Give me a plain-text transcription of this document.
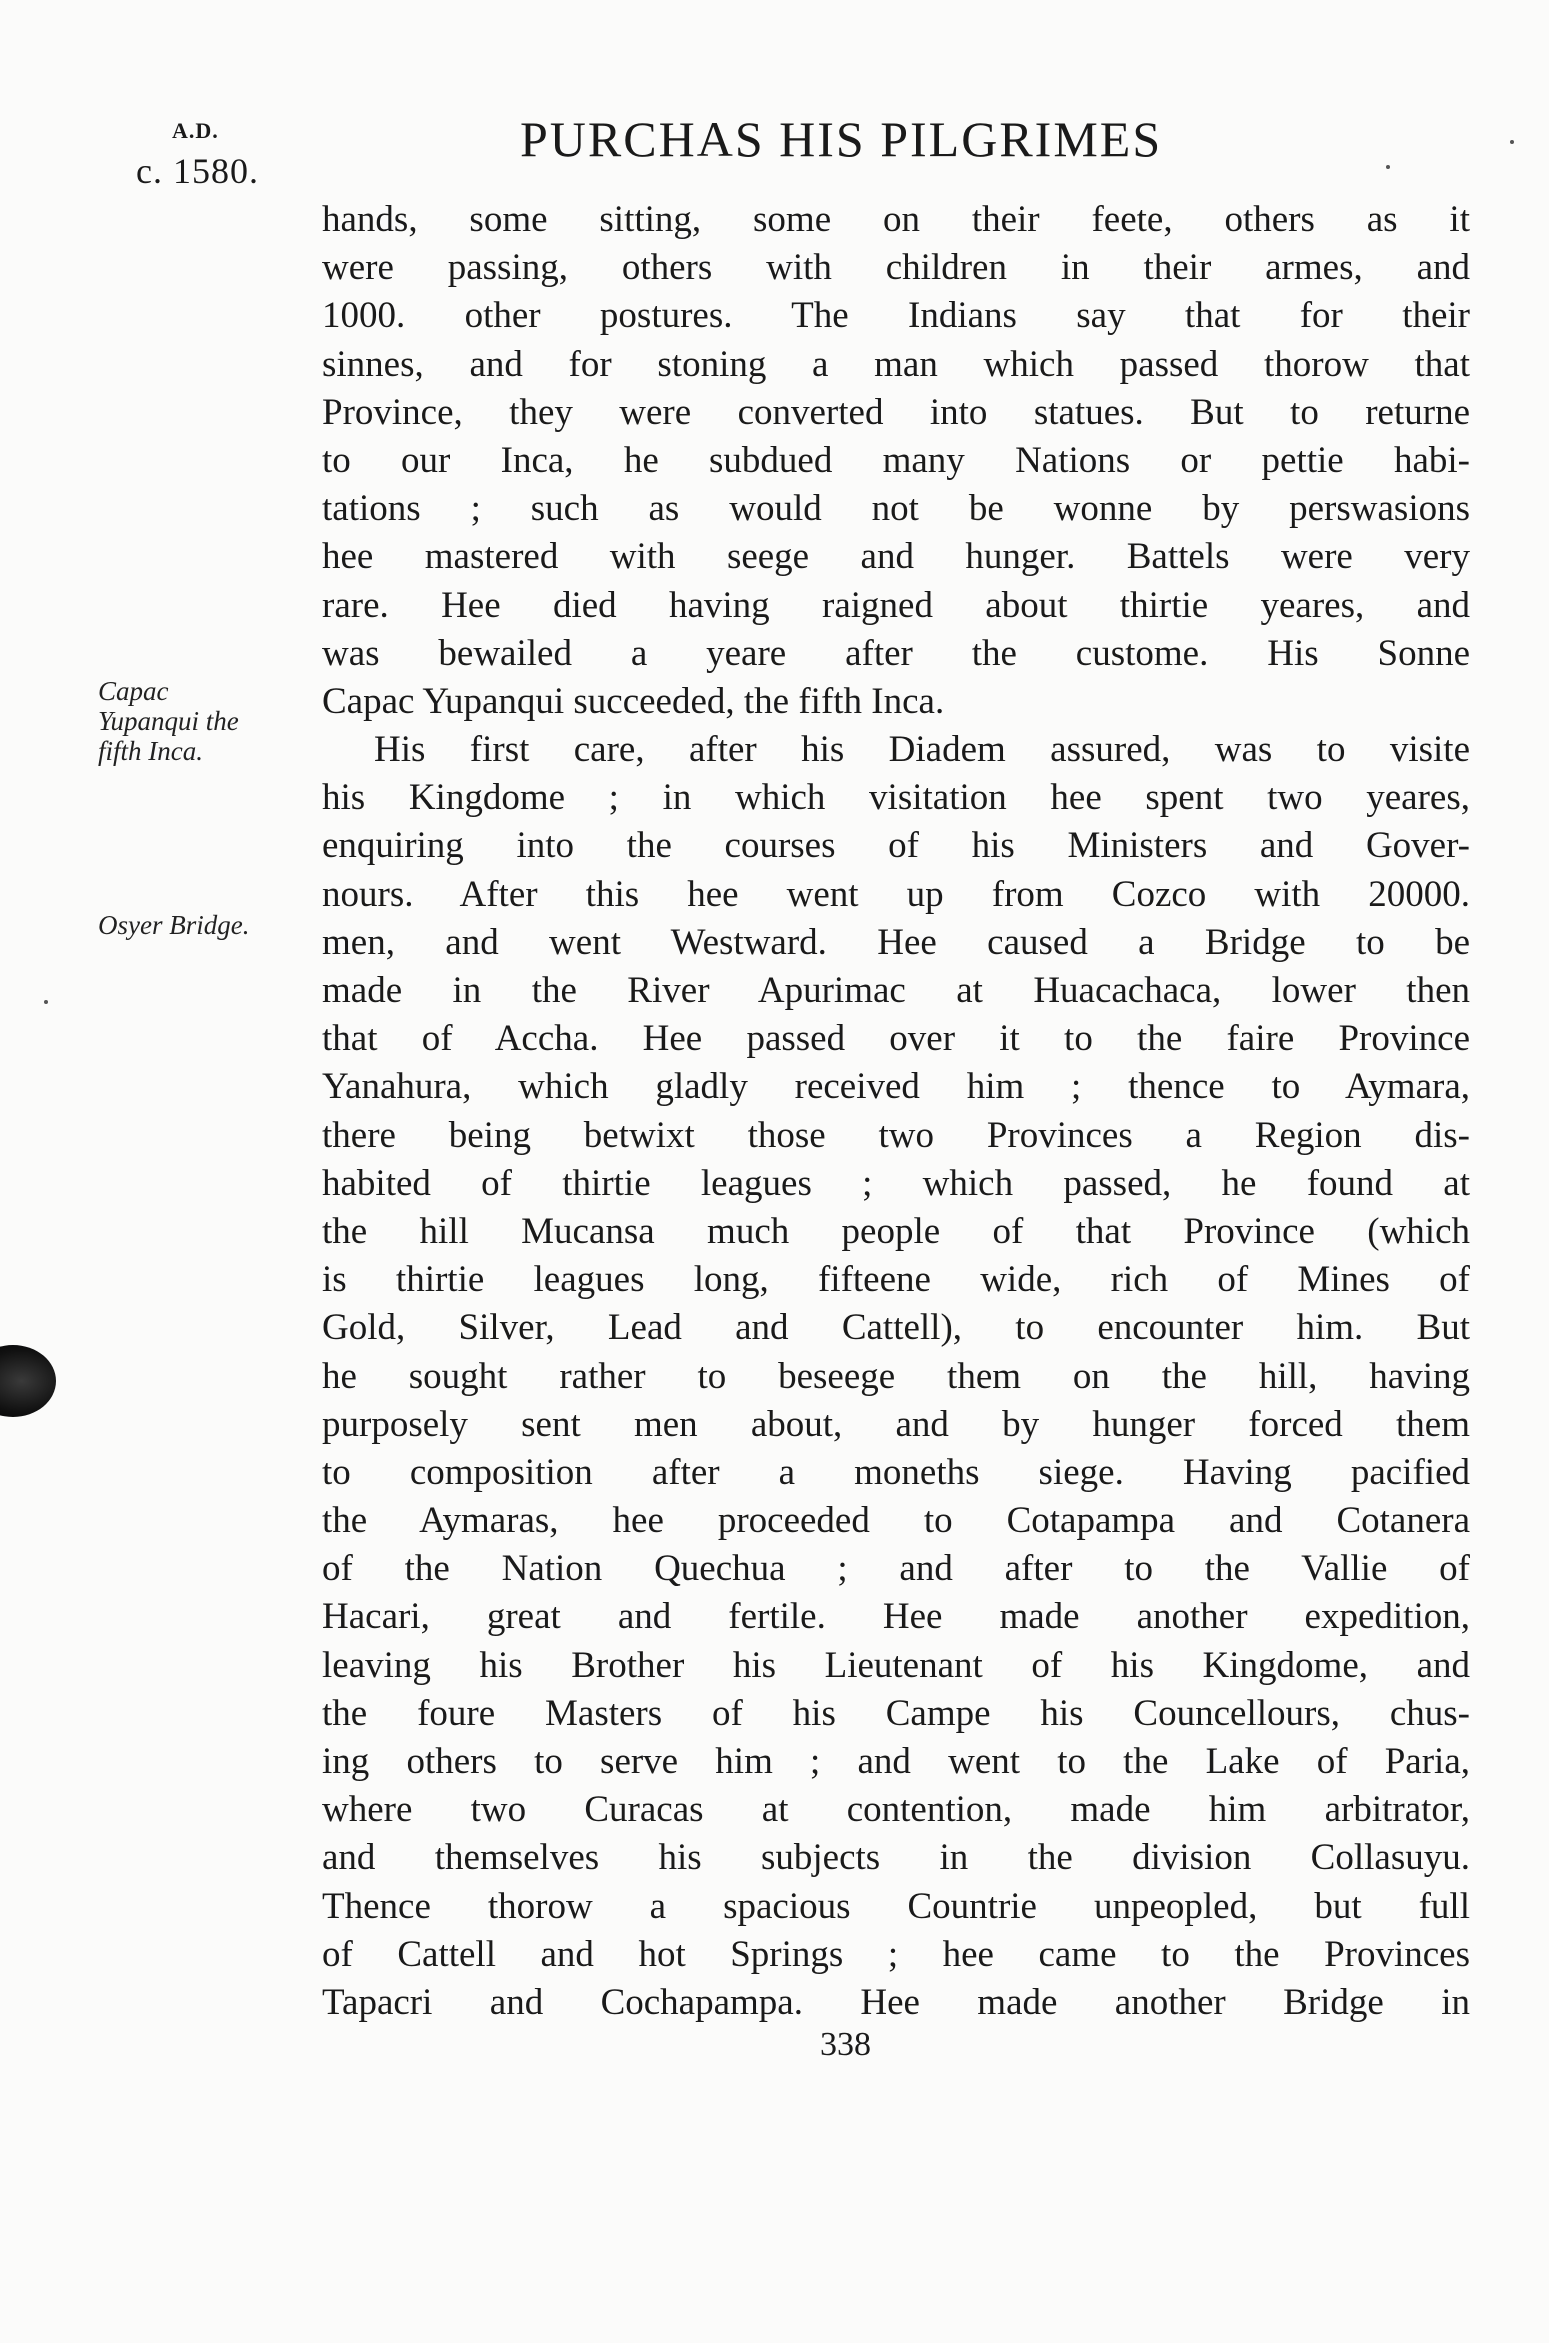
A.D.
c. 1580.
PURCHAS HIS PILGRIMES
Capac
Yupanqui the
fifth Inca.
Osyer Bridge.
hands, some sitting, some on their feete, others as it
were passing, others with children in their armes, and
1000. other postures. The Indians say that for their
sinnes, and for stoning a man which passed thorow that
Province, they were converted into statues. But to returne
to our Inca, he subdued many Nations or pettie habi-
tations ; such as would not be wonne by perswasions
hee mastered with seege and hunger. Battels were very
rare. Hee died having raigned about thirtie yeares, and
was bewailed a yeare after the custome. His Sonne
Capac Yupanqui succeeded, the fifth Inca.
His first care, after his Diadem assured, was to visite
his Kingdome ; in which visitation hee spent two yeares,
enquiring into the courses of his Ministers and Gover-
nours. After this hee went up from Cozco with 20000.
men, and went Westward. Hee caused a Bridge to be
made in the River Apurimac at Huacachaca, lower then
that of Accha. Hee passed over it to the faire Province
Yanahura, which gladly received him ; thence to Aymara,
there being betwixt those two Provinces a Region dis-
habited of thirtie leagues ; which passed, he found at
the hill Mucansa much people of that Province (which
is thirtie leagues long, fifteene wide, rich of Mines of
Gold, Silver, Lead and Cattell), to encounter him. But
he sought rather to beseege them on the hill, having
purposely sent men about, and by hunger forced them
to composition after a moneths siege. Having pacified
the Aymaras, hee proceeded to Cotapampa and Cotanera
of the Nation Quechua ; and after to the Vallie of
Hacari, great and fertile. Hee made another expedition,
leaving his Brother his Lieutenant of his Kingdome, and
the foure Masters of his Campe his Councellours, chus-
ing others to serve him ; and went to the Lake of Paria,
where two Curacas at contention, made him arbitrator,
and themselves his subjects in the division Collasuyu.
Thence thorow a spacious Countrie unpeopled, but full
of Cattell and hot Springs ; hee came to the Provinces
Tapacri and Cochapampa. Hee made another Bridge in
338
